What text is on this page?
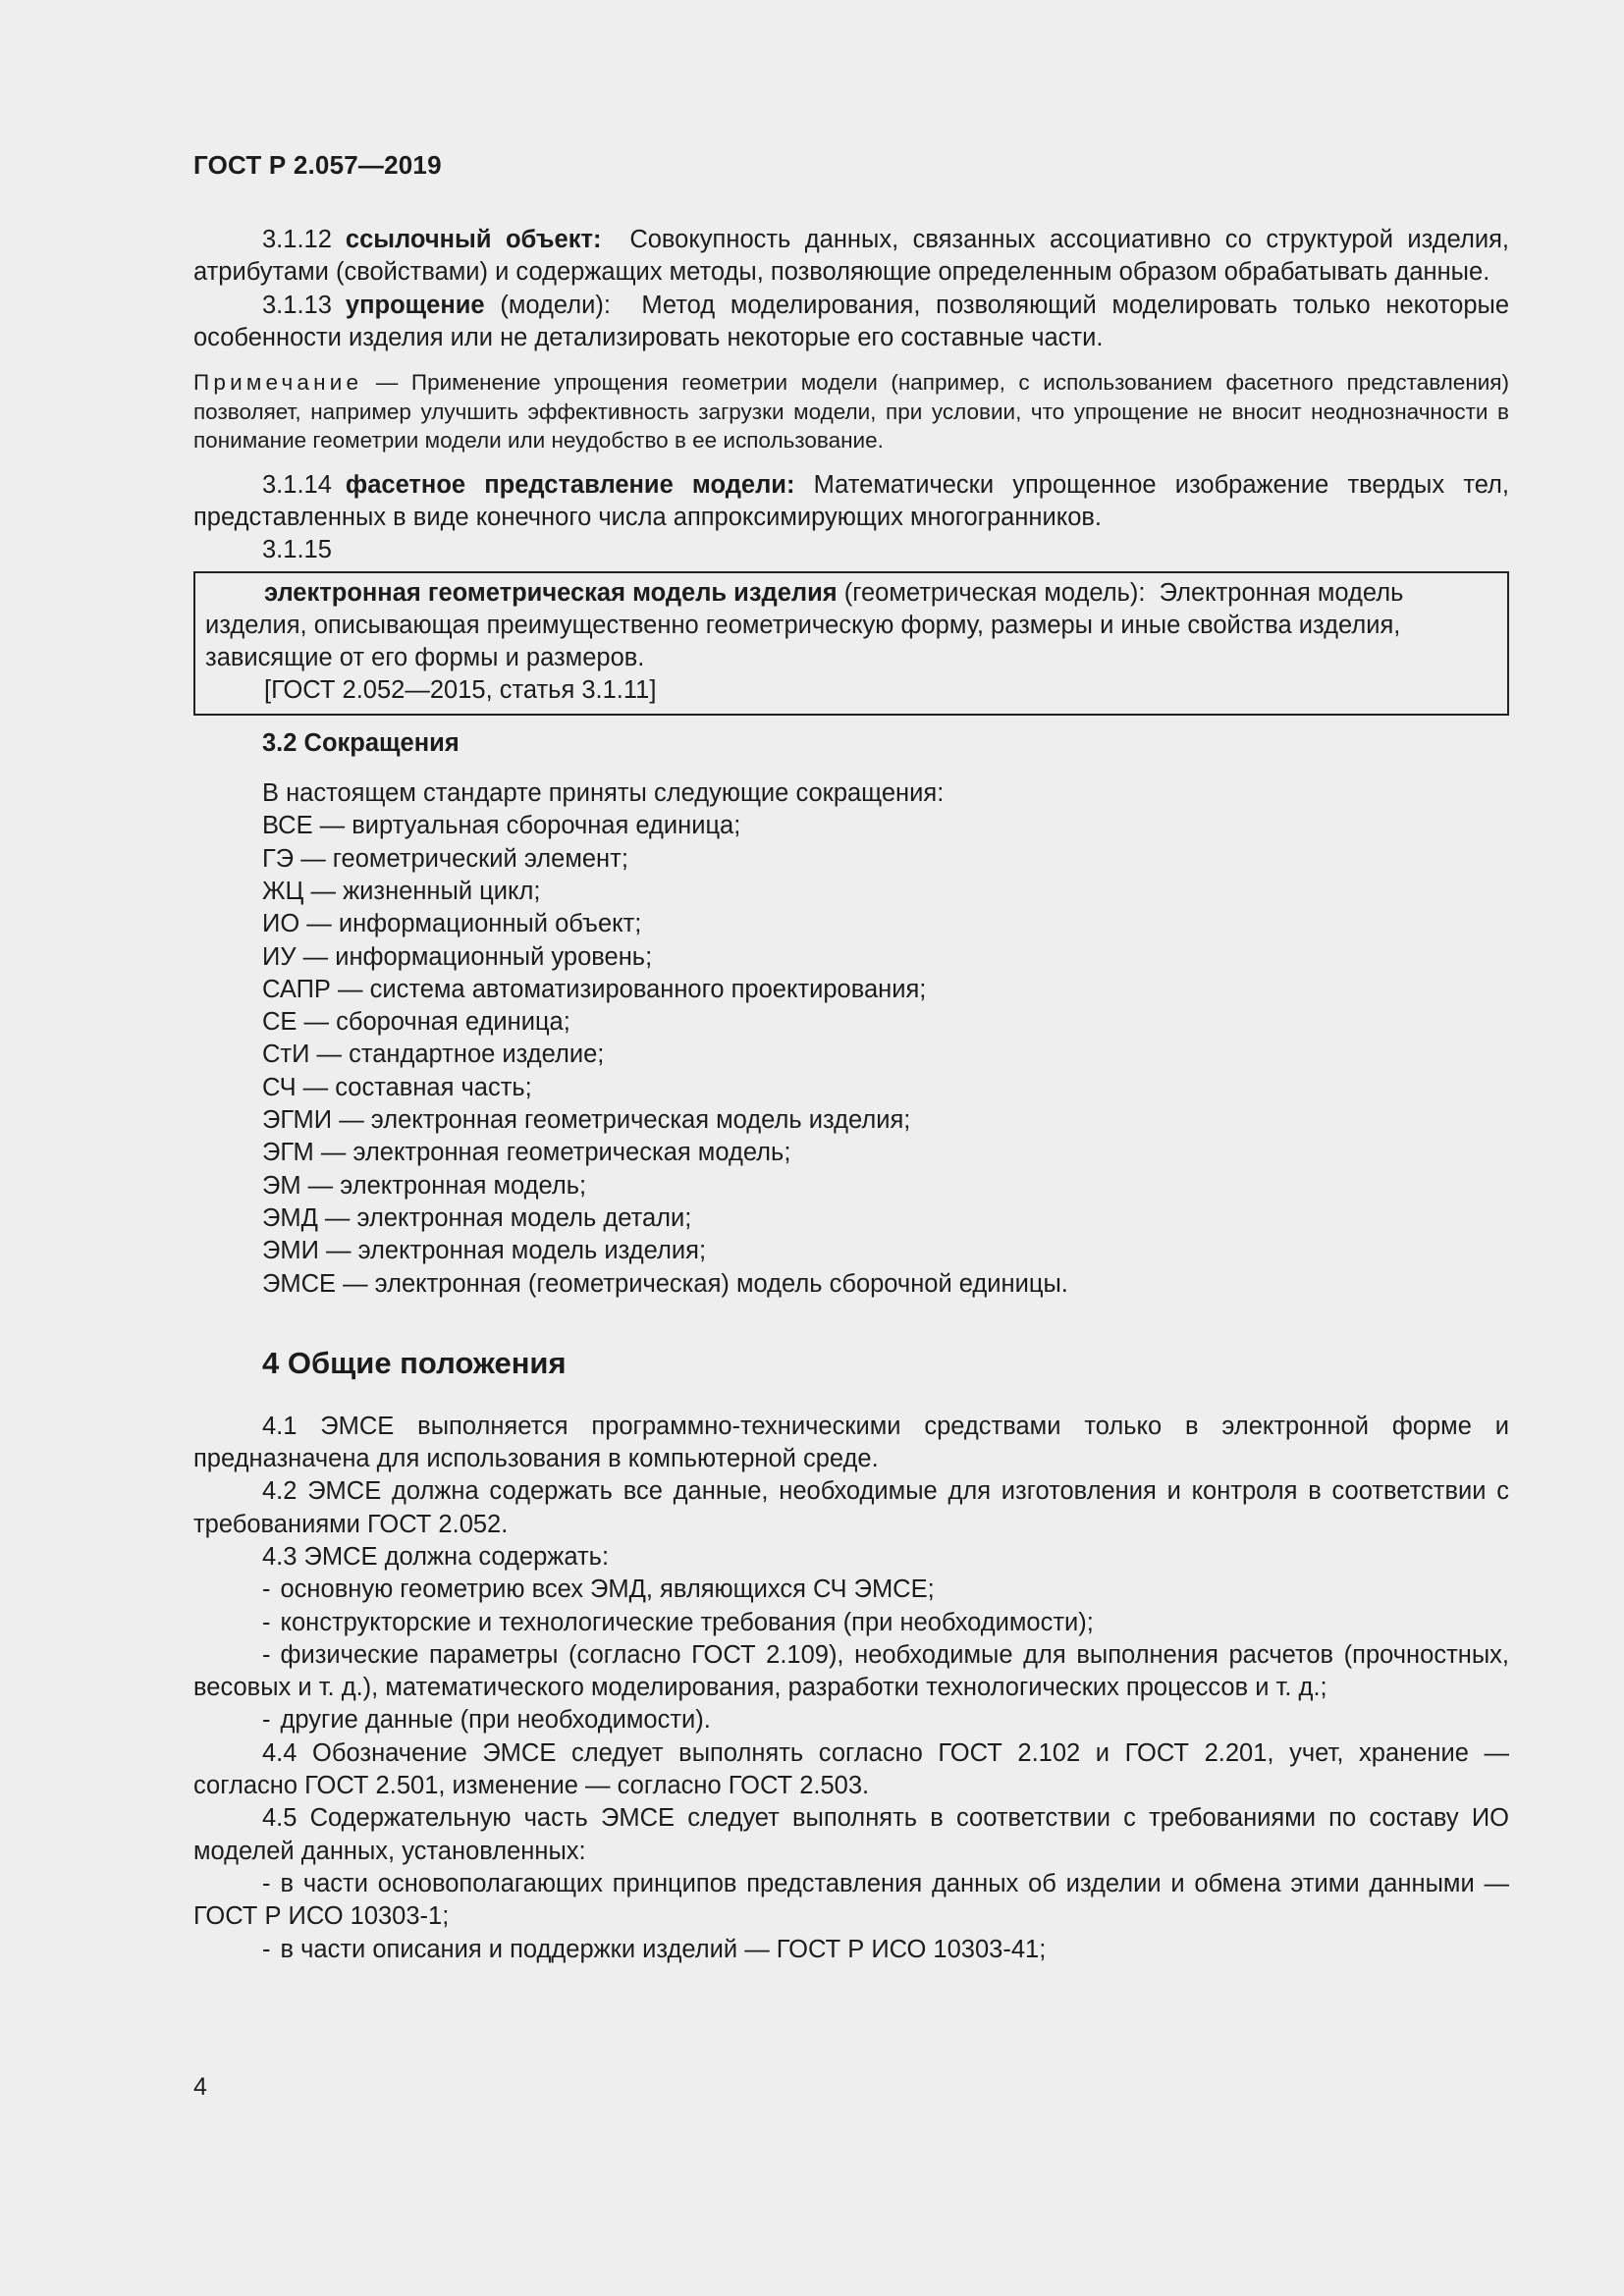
ГОСТ Р 2.057—2019

3.1.12 ссылочный объект: Совокупность данных, связанных ассоциативно со структурой изделия, атрибутами (свойствами) и содержащих методы, позволяющие определенным образом обрабатывать данные.

3.1.13 упрощение (модели): Метод моделирования, позволяющий моделировать только некоторые особенности изделия или не детализировать некоторые его составные части.

Примечание — Применение упрощения геометрии модели (например, с использованием фасетного представления) позволяет, например улучшить эффективность загрузки модели, при условии, что упрощение не вносит неоднозначности в понимание геометрии модели или неудобство в ее использование.

3.1.14 фасетное представление модели: Математически упрощенное изображение твердых тел, представленных в виде конечного числа аппроксимирующих многогранников.

3.1.15

электронная геометрическая модель изделия (геометрическая модель): Электронная модель изделия, описывающая преимущественно геометрическую форму, размеры и иные свойства изделия, зависящие от его формы и размеров.

[ГОСТ 2.052—2015, статья 3.1.11]

3.2 Сокращения

В настоящем стандарте приняты следующие сокращения:

ВСЕ — виртуальная сборочная единица;
ГЭ — геометрический элемент;
ЖЦ — жизненный цикл;
ИО — информационный объект;
ИУ — информационный уровень;
САПР — система автоматизированного проектирования;
СЕ — сборочная единица;
СтИ — стандартное изделие;
СЧ — составная часть;
ЭГМИ — электронная геометрическая модель изделия;
ЭГМ — электронная геометрическая модель;
ЭМ — электронная модель;
ЭМД — электронная модель детали;
ЭМИ — электронная модель изделия;
ЭМСЕ — электронная (геометрическая) модель сборочной единицы.

4 Общие положения

4.1 ЭМСЕ выполняется программно-техническими средствами только в электронной форме и предназначена для использования в компьютерной среде.

4.2 ЭМСЕ должна содержать все данные, необходимые для изготовления и контроля в соответствии с требованиями ГОСТ 2.052.

4.3 ЭМСЕ должна содержать:

- основную геометрию всех ЭМД, являющихся СЧ ЭМСЕ;

- конструкторские и технологические требования (при необходимости);

- физические параметры (согласно ГОСТ 2.109), необходимые для выполнения расчетов (прочностных, весовых и т. д.), математического моделирования, разработки технологических процессов и т. д.;

- другие данные (при необходимости).

4.4 Обозначение ЭМСЕ следует выполнять согласно ГОСТ 2.102 и ГОСТ 2.201, учет, хранение — согласно ГОСТ 2.501, изменение — согласно ГОСТ 2.503.

4.5 Содержательную часть ЭМСЕ следует выполнять в соответствии с требованиями по составу ИО моделей данных, установленных:

- в части основополагающих принципов представления данных об изделии и обмена этими данными — ГОСТ Р ИСО 10303-1;

- в части описания и поддержки изделий — ГОСТ Р ИСО 10303-41;

4
